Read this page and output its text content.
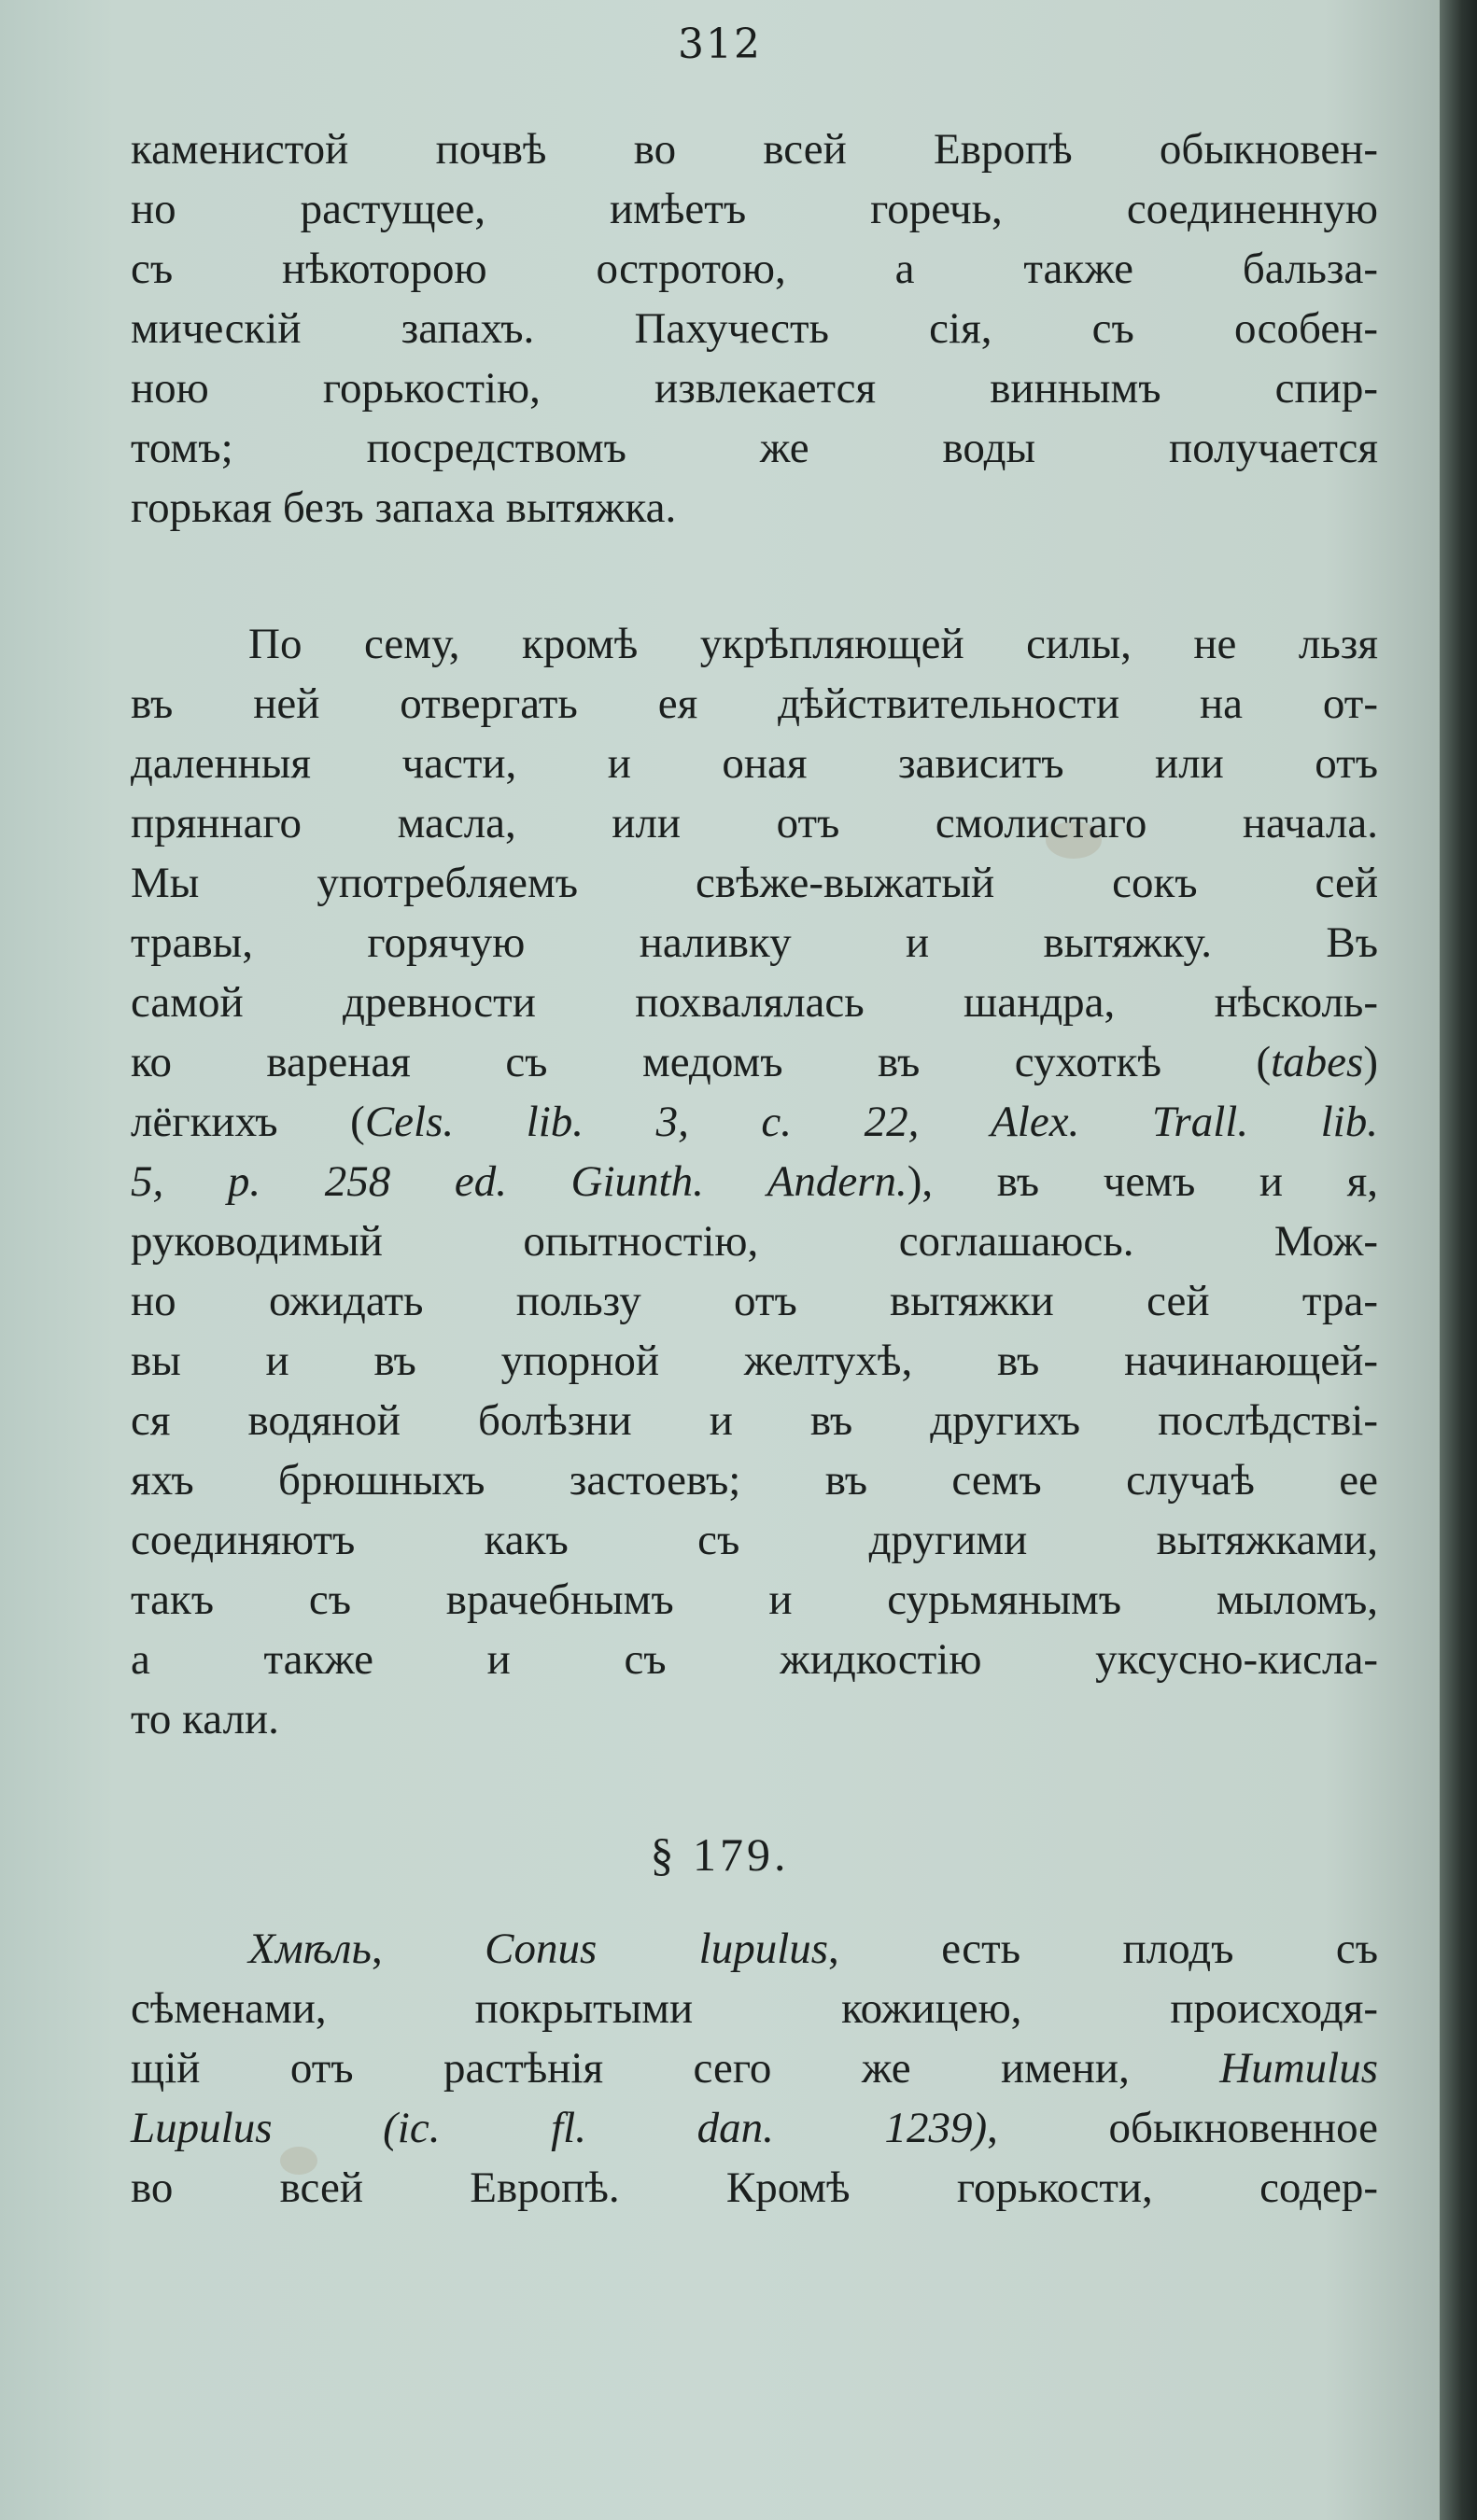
312
каменистой почвѣ во всей Европѣ обыкновен-
но растущее, имѣетъ горечь, соединенную
съ нѣкоторою остротою, а также бальза-
мическій запахъ. Пахучесть сія, съ особен-
ною горькостію, извлекается виннымъ спир-
томъ; посредствомъ же воды получается
горькая безъ запаха вытяжка.
По сему, кромѣ укрѣпляющей силы, не льзя
въ ней отвергать ея дѣйствительности на от-
даленныя части, и оная зависитъ или отъ
пряннаго масла, или отъ смолистаго начала.
Мы употребляемъ свѣже-выжатый сокъ сей
травы, горячую наливку и вытяжку. Въ
самой древности похвалялась шандра, нѣсколь-
ко вареная съ медомъ въ сухоткѣ (tabes)
лёгкихъ (Cels. lib. 3, c. 22, Alex. Trall. lib.
5, p. 258 ed. Giunth. Andern.), въ чемъ и я,
руководимый опытностію, соглашаюсь. Мож-
но ожидать пользу отъ вытяжки сей тра-
вы и въ упорной желтухѣ, въ начинающей-
ся водяной болѣзни и въ другихъ послѣдстві-
яхъ брюшныхъ застоевъ; въ семъ случаѣ ее
соединяютъ какъ съ другими вытяжками,
такъ съ врачебнымъ и сурьмянымъ мыломъ,
а также и съ жидкостію уксусно-кисла-
то кали.
§ 179.
Хмѣль, Conus lupulus, есть плодъ съ
сѣменами, покрытыми кожицею, происходя-
щій отъ растѣнія сего же имени, Humulus
Lupulus (ic. fl. dan. 1239), обыкновенное
во всей Европѣ. Кромѣ горькости, содер-
